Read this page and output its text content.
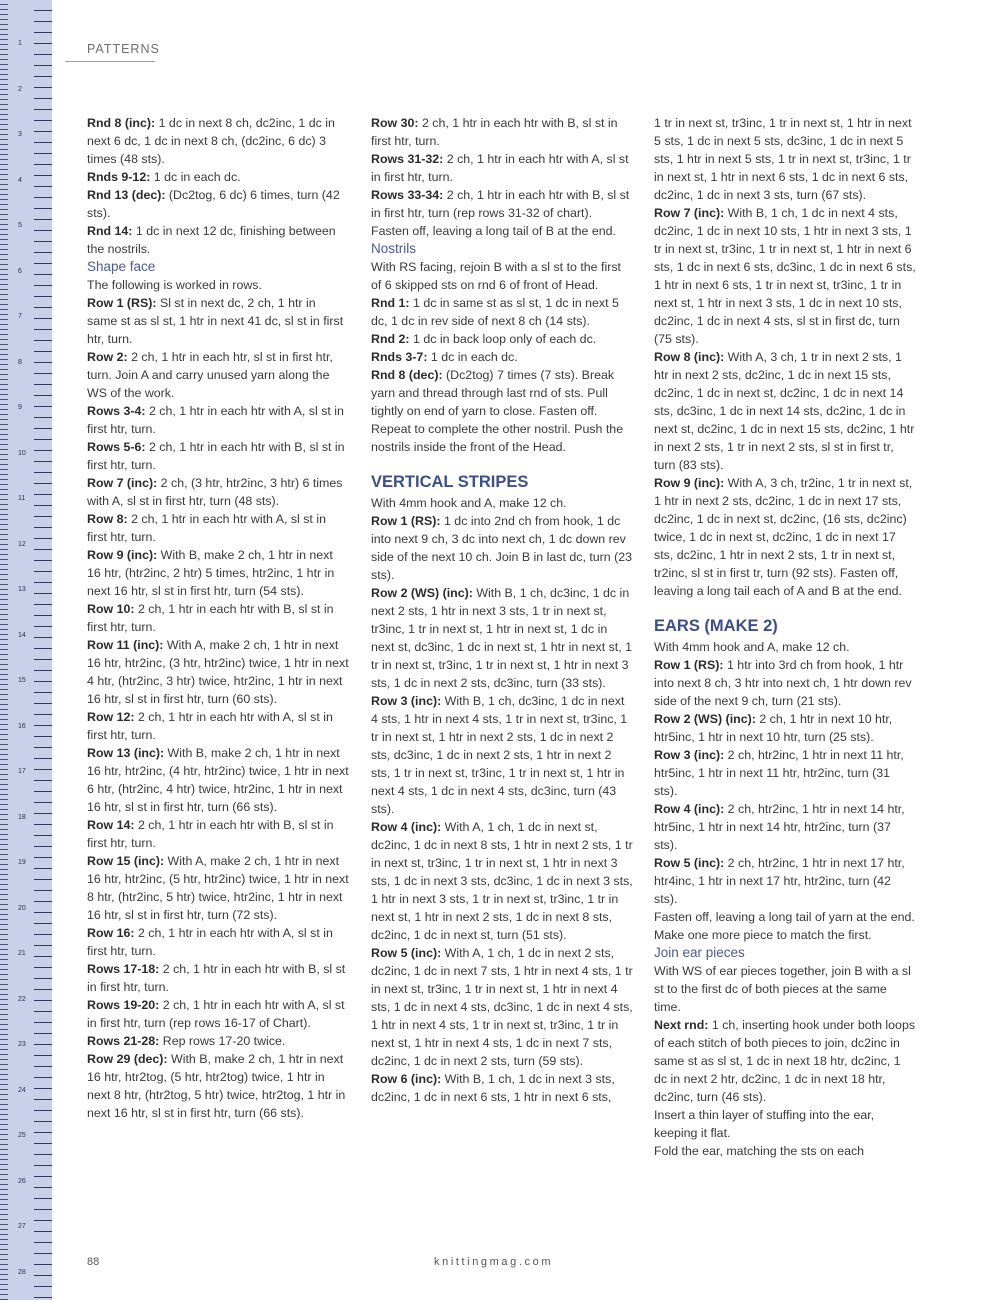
1
2
3
4
5
6
7
8
9
10
11
12
13
14
15
16
17
18
19
20
21
22
23
24
25
26
27
28
PATTERNS

Rnd 8 (inc): 1 dc in next 8 ch, dc2inc, 1 dc in next 6 dc, 1 dc in next 8 ch, (dc2inc, 6 dc) 3 times (48 sts).

Rnds 9-12: 1 dc in each dc.

Rnd 13 (dec): (Dc2tog, 6 dc) 6 times, turn (42 sts).

Rnd 14: 1 dc in next 12 dc, finishing between the nostrils.

Shape face

The following is worked in rows.

Row 1 (RS): Sl st in next dc, 2 ch, 1 htr in same st as sl st, 1 htr in next 41 dc, sl st in first htr, turn.

Row 2: 2 ch, 1 htr in each htr, sl st in first htr, turn. Join A and carry unused yarn along the WS of the work.

Rows 3-4: 2 ch, 1 htr in each htr with A, sl st in first htr, turn.

Rows 5-6: 2 ch, 1 htr in each htr with B, sl st in first htr, turn.

Row 7 (inc): 2 ch, (3 htr, htr2inc, 3 htr) 6 times with A, sl st in first htr, turn (48 sts).

Row 8: 2 ch, 1 htr in each htr with A, sl st in first htr, turn.

Row 9 (inc): With B, make 2 ch, 1 htr in next 16 htr, (htr2inc, 2 htr) 5 times, htr2inc, 1 htr in next 16 htr, sl st in first htr, turn (54 sts).

Row 10: 2 ch, 1 htr in each htr with B, sl st in first htr, turn.

Row 11 (inc): With A, make 2 ch, 1 htr in next 16 htr, htr2inc, (3 htr, htr2inc) twice, 1 htr in next 4 htr, (htr2inc, 3 htr) twice, htr2inc, 1 htr in next 16 htr, sl st in first htr, turn (60 sts).

Row 12: 2 ch, 1 htr in each htr with A, sl st in first htr, turn.

Row 13 (inc): With B, make 2 ch, 1 htr in next 16 htr, htr2inc, (4 htr, htr2inc) twice, 1 htr in next 6 htr, (htr2inc, 4 htr) twice, htr2inc, 1 htr in next 16 htr, sl st in first htr, turn (66 sts).

Row 14: 2 ch, 1 htr in each htr with B, sl st in first htr, turn.

Row 15 (inc): With A, make 2 ch, 1 htr in next 16 htr, htr2inc, (5 htr, htr2inc) twice, 1 htr in next 8 htr, (htr2inc, 5 htr) twice, htr2inc, 1 htr in next 16 htr, sl st in first htr, turn (72 sts).

Row 16: 2 ch, 1 htr in each htr with A, sl st in first htr, turn.

Rows 17-18: 2 ch, 1 htr in each htr with B, sl st in first htr, turn.

Rows 19-20: 2 ch, 1 htr in each htr with A, sl st in first htr, turn (rep rows 16-17 of Chart).

Rows 21-28: Rep rows 17-20 twice.

Row 29 (dec): With B, make 2 ch, 1 htr in next 16 htr, htr2tog, (5 htr, htr2tog) twice, 1 htr in next 8 htr, (htr2tog, 5 htr) twice, htr2tog, 1 htr in next 16 htr, sl st in first htr, turn (66 sts).

Row 30: 2 ch, 1 htr in each htr with B, sl st in first htr, turn.

Rows 31-32: 2 ch, 1 htr in each htr with A, sl st in first htr, turn.

Rows 33-34: 2 ch, 1 htr in each htr with B, sl st in first htr, turn (rep rows 31-32 of chart). Fasten off, leaving a long tail of B at the end.

Nostrils

With RS facing, rejoin B with a sl st to the first of 6 skipped sts on rnd 6 of front of Head.

Rnd 1: 1 dc in same st as sl st, 1 dc in next 5 dc, 1 dc in rev side of next 8 ch (14 sts).

Rnd 2: 1 dc in back loop only of each dc.

Rnds 3-7: 1 dc in each dc.

Rnd 8 (dec): (Dc2tog) 7 times (7 sts). Break yarn and thread through last rnd of sts. Pull tightly on end of yarn to close. Fasten off.

Repeat to complete the other nostril. Push the nostrils inside the front of the Head.

VERTICAL STRIPES

With 4mm hook and A, make 12 ch.

Row 1 (RS): 1 dc into 2nd ch from hook, 1 dc into next 9 ch, 3 dc into next ch, 1 dc down rev side of the next 10 ch. Join B in last dc, turn (23 sts).

Row 2 (WS) (inc): With B, 1 ch, dc3inc, 1 dc in next 2 sts, 1 htr in next 3 sts, 1 tr in next st, tr3inc, 1 tr in next st, 1 htr in next st, 1 dc in next st, dc3inc, 1 dc in next st, 1 htr in next st, 1 tr in next st, tr3inc, 1 tr in next st, 1 htr in next 3 sts, 1 dc in next 2 sts, dc3inc, turn (33 sts).

Row 3 (inc): With B, 1 ch, dc3inc, 1 dc in next 4 sts, 1 htr in next 4 sts, 1 tr in next st, tr3inc, 1 tr in next st, 1 htr in next 2 sts, 1 dc in next 2 sts, dc3inc, 1 dc in next 2 sts, 1 htr in next 2 sts, 1 tr in next st, tr3inc, 1 tr in next st, 1 htr in next 4 sts, 1 dc in next 4 sts, dc3inc, turn (43 sts).

Row 4 (inc): With A, 1 ch, 1 dc in next st, dc2inc, 1 dc in next 8 sts, 1 htr in next 2 sts, 1 tr in next st, tr3inc, 1 tr in next st, 1 htr in next 3 sts, 1 dc in next 3 sts, dc3inc, 1 dc in next 3 sts, 1 htr in next 3 sts, 1 tr in next st, tr3inc, 1 tr in next st, 1 htr in next 2 sts, 1 dc in next 8 sts, dc2inc, 1 dc in next st, turn (51 sts).

Row 5 (inc): With A, 1 ch, 1 dc in next 2 sts, dc2inc, 1 dc in next 7 sts, 1 htr in next 4 sts, 1 tr in next st, tr3inc, 1 tr in next st, 1 htr in next 4 sts, 1 dc in next 4 sts, dc3inc, 1 dc in next 4 sts, 1 htr in next 4 sts, 1 tr in next st, tr3inc, 1 tr in next st, 1 htr in next 4 sts, 1 dc in next 7 sts, dc2inc, 1 dc in next 2 sts, turn (59 sts).

Row 6 (inc): With B, 1 ch, 1 dc in next 3 sts, dc2inc, 1 dc in next 6 sts, 1 htr in next 6 sts,

1 tr in next st, tr3inc, 1 tr in next st, 1 htr in next 5 sts, 1 dc in next 5 sts, dc3inc, 1 dc in next 5 sts, 1 htr in next 5 sts, 1 tr in next st, tr3inc, 1 tr in next st, 1 htr in next 6 sts, 1 dc in next 6 sts, dc2inc, 1 dc in next 3 sts, turn (67 sts).

Row 7 (inc): With B, 1 ch, 1 dc in next 4 sts, dc2inc, 1 dc in next 10 sts, 1 htr in next 3 sts, 1 tr in next st, tr3inc, 1 tr in next st, 1 htr in next 6 sts, 1 dc in next 6 sts, dc3inc, 1 dc in next 6 sts, 1 htr in next 6 sts, 1 tr in next st, tr3inc, 1 tr in next st, 1 htr in next 3 sts, 1 dc in next 10 sts, dc2inc, 1 dc in next 4 sts, sl st in first dc, turn (75 sts).

Row 8 (inc): With A, 3 ch, 1 tr in next 2 sts, 1 htr in next 2 sts, dc2inc, 1 dc in next 15 sts, dc2inc, 1 dc in next st, dc2inc, 1 dc in next 14 sts, dc3inc, 1 dc in next 14 sts, dc2inc, 1 dc in next st, dc2inc, 1 dc in next 15 sts, dc2inc, 1 htr in next 2 sts, 1 tr in next 2 sts, sl st in first tr, turn (83 sts).

Row 9 (inc): With A, 3 ch, tr2inc, 1 tr in next st, 1 htr in next 2 sts, dc2inc, 1 dc in next 17 sts, dc2inc, 1 dc in next st, dc2inc, (16 sts, dc2inc) twice, 1 dc in next st, dc2inc, 1 dc in next 17 sts, dc2inc, 1 htr in next 2 sts, 1 tr in next st, tr2inc, sl st in first tr, turn (92 sts). Fasten off, leaving a long tail each of A and B at the end.

EARS (MAKE 2)

With 4mm hook and A, make 12 ch.

Row 1 (RS): 1 htr into 3rd ch from hook, 1 htr into next 8 ch, 3 htr into next ch, 1 htr down rev side of the next 9 ch, turn (21 sts).

Row 2 (WS) (inc): 2 ch, 1 htr in next 10 htr, htr5inc, 1 htr in next 10 htr, turn (25 sts).

Row 3 (inc): 2 ch, htr2inc, 1 htr in next 11 htr, htr5inc, 1 htr in next 11 htr, htr2inc, turn (31 sts).

Row 4 (inc): 2 ch, htr2inc, 1 htr in next 14 htr, htr5inc, 1 htr in next 14 htr, htr2inc, turn (37 sts).

Row 5 (inc): 2 ch, htr2inc, 1 htr in next 17 htr, htr4inc, 1 htr in next 17 htr, htr2inc, turn (42 sts).

Fasten off, leaving a long tail of yarn at the end. Make one more piece to match the first.

Join ear pieces

With WS of ear pieces together, join B with a sl st to the first dc of both pieces at the same time.

Next rnd: 1 ch, inserting hook under both loops of each stitch of both pieces to join, dc2inc in same st as sl st, 1 dc in next 18 htr, dc2inc, 1 dc in next 2 htr, dc2inc, 1 dc in next 18 htr, dc2inc, turn (46 sts).

Insert a thin layer of stuffing into the ear, keeping it flat.

Fold the ear, matching the sts on each

88	knittingmag.com
